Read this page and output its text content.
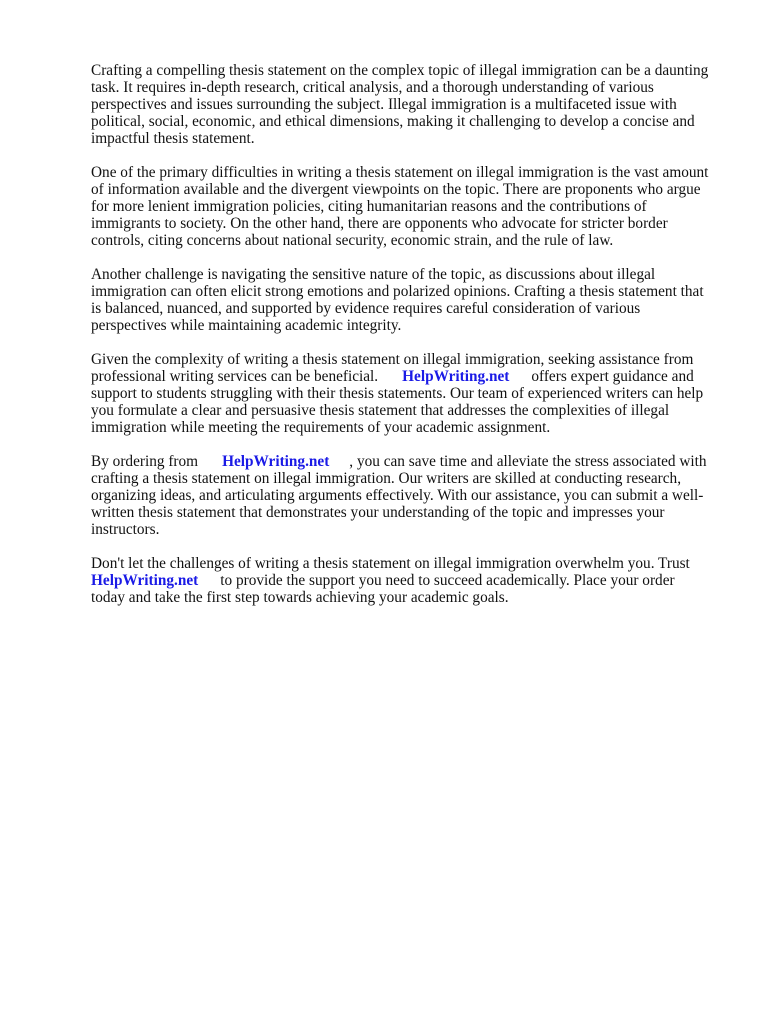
Crafting a compelling thesis statement on the complex topic of illegal immigration can be a daunting
task. It requires in-depth research, critical analysis, and a thorough understanding of various
perspectives and issues surrounding the subject. Illegal immigration is a multifaceted issue with
political, social, economic, and ethical dimensions, making it challenging to develop a concise and
impactful thesis statement.

One of the primary difficulties in writing a thesis statement on illegal immigration is the vast amount
of information available and the divergent viewpoints on the topic. There are proponents who argue
for more lenient immigration policies, citing humanitarian reasons and the contributions of
immigrants to society. On the other hand, there are opponents who advocate for stricter border
controls, citing concerns about national security, economic strain, and the rule of law.

Another challenge is navigating the sensitive nature of the topic, as discussions about illegal
immigration can often elicit strong emotions and polarized opinions. Crafting a thesis statement that
is balanced, nuanced, and supported by evidence requires careful consideration of various
perspectives while maintaining academic integrity.

Given the complexity of writing a thesis statement on illegal immigration, seeking assistance from
professional writing services can be beneficial. HelpWriting.net offers expert guidance and
support to students struggling with their thesis statements. Our team of experienced writers can help
you formulate a clear and persuasive thesis statement that addresses the complexities of illegal
immigration while meeting the requirements of your academic assignment.

By ordering from HelpWriting.net , you can save time and alleviate the stress associated with
crafting a thesis statement on illegal immigration. Our writers are skilled at conducting research,
organizing ideas, and articulating arguments effectively. With our assistance, you can submit a well-
written thesis statement that demonstrates your understanding of the topic and impresses your
instructors.

Don't let the challenges of writing a thesis statement on illegal immigration overwhelm you. Trust
HelpWriting.net to provide the support you need to succeed academically. Place your order
today and take the first step towards achieving your academic goals.
